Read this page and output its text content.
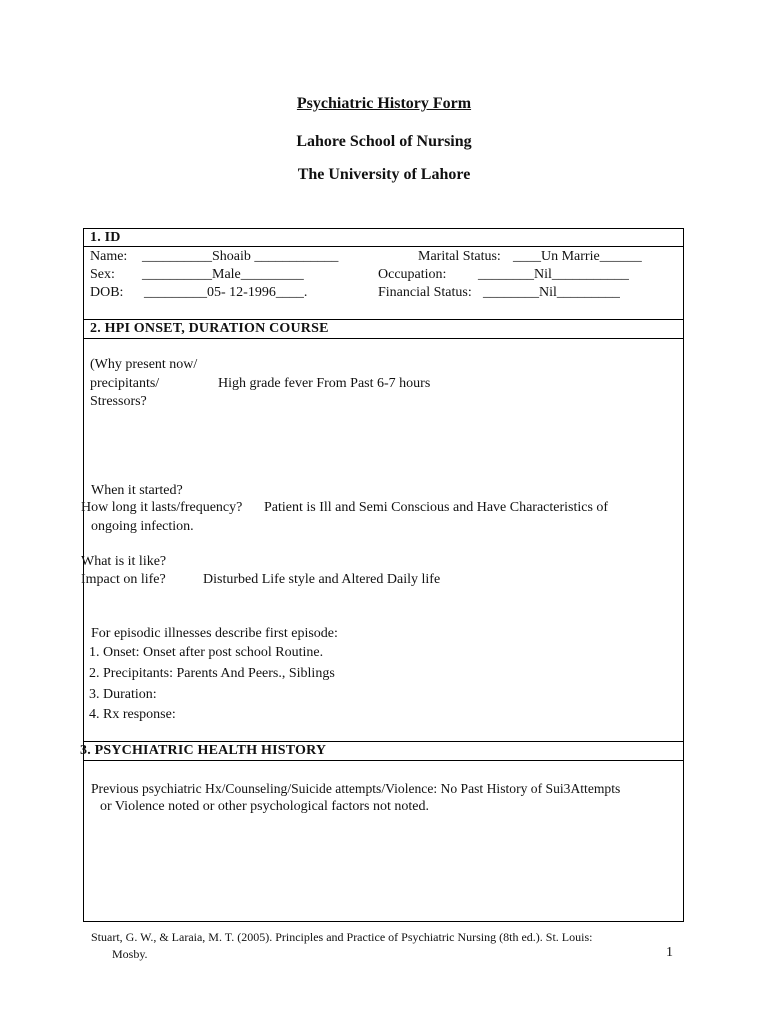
Psychiatric History Form
Lahore School of Nursing
The University of Lahore
1. ID
Name: __________Shoaib ____________	Marital Status: ____Un Marrie______
Sex: __________Male_________	Occupation: ________Nil___________
DOB: _________05- 12-1996____.	Financial Status: ________Nil_________
2. HPI ONSET, DURATION COURSE
(Why present now/
precipitants/	High grade fever From Past 6-7 hours
Stressors?
When it started?
How long it lasts/frequency? Patient is Ill and Semi Conscious and Have Characteristics of
ongoing infection.
What is it like?
Impact on life?	Disturbed Life style and Altered Daily life
For episodic illnesses describe first episode:
1. Onset: Onset after post school Routine.
2. Precipitants: Parents And Peers., Siblings
3. Duration:
4. Rx response:
3. PSYCHIATRIC HEALTH HISTORY
Previous psychiatric Hx/Counseling/Suicide attempts/Violence: No Past History of Sui3Attempts
or Violence noted or other psychological factors not noted.
Stuart, G. W., & Laraia, M. T. (2005). Principles and Practice of Psychiatric Nursing (8th ed.). St. Louis:
Mosby.	1
